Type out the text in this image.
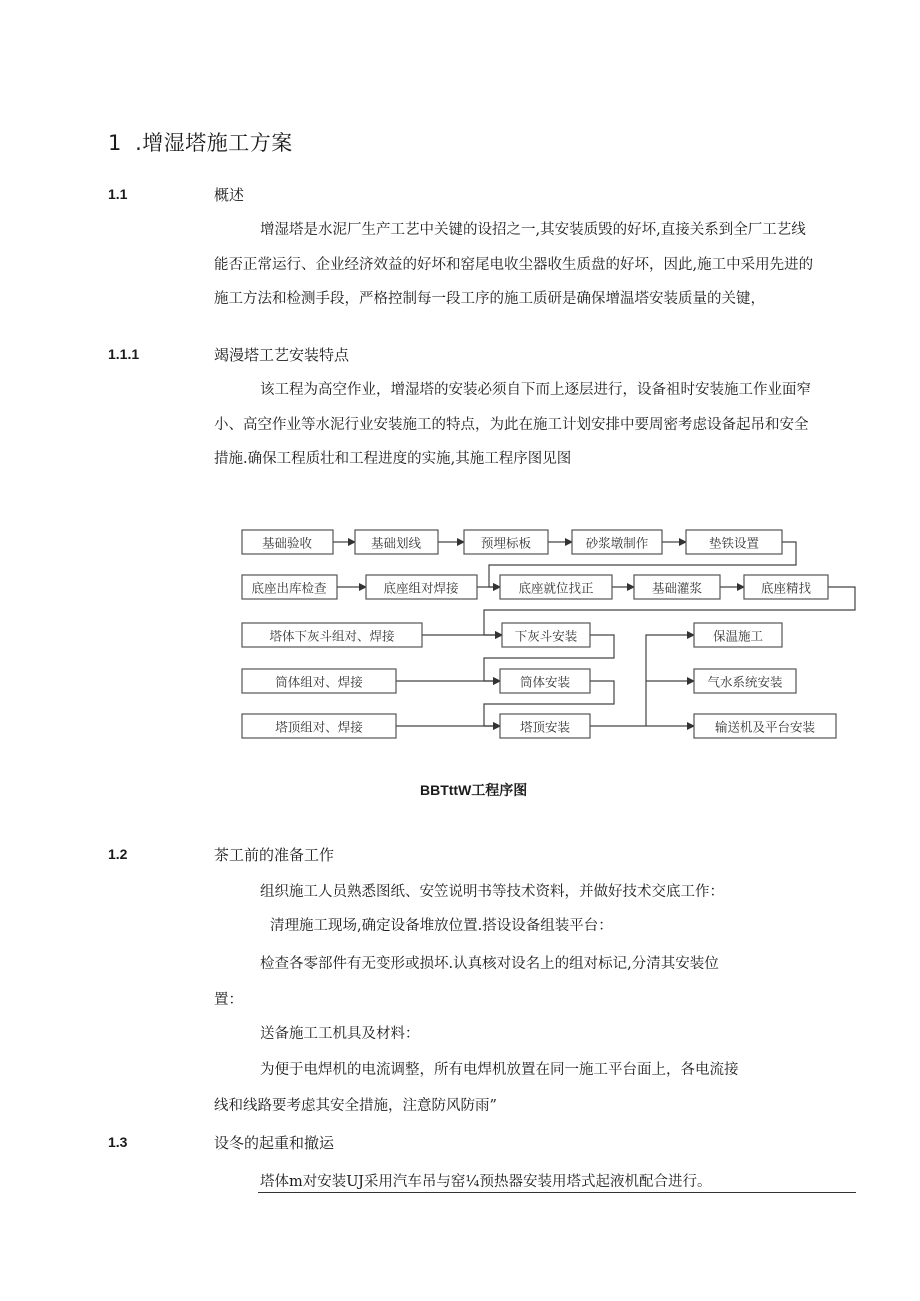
1 .增湿塔施工方案
1.1	概述

增湿塔是水泥厂生产工艺中关键的设招之一,其安装质毁的好坏,直接关系到全厂工艺线

能否正常运行、企业经济效益的好坏和窑尾电收尘器收生质盘的好坏，因此,施工中采用先进的

施工方法和检测手段，严格控制每一段工序的施工质研是确保增温塔安装质量的关键，

1.1.1	竭漫塔工艺安装特点

该工程为高空作业，增湿塔的安装必须自下而上逐层进行，设备祖时安装施工作业面窄

小、高空作业等水泥行业安装施工的特点，为此在施工计划安排中要周密考虑设备起吊和安全

措施.确保工程质壮和工程进度的实施,其施工程序图见图

基础验收	基础划线	预埋标板	砂浆墩制作	垫铁设置
底座出库检查	底座组对焊接	底座就位找正	基础灌浆	底座精找
塔体下灰斗组对、焊接
筒体组对、焊接
塔顶组对、焊接
下灰斗安装
筒体安装
塔顶安装
保温施工
气水系统安装
输送机及平台安装
BBTttW工程序图
1.2	茶工前的准备工作

组织施工人员熟悉图纸、安笠说明书等技术资料，并做好技术交底工作：

清理施工现场,确定设备堆放位置.搭设设备组装平台：

检查各零部件有无变形或损坏.认真核对设名上的组对标记,分清其安装位

置：

送备施工工机具及材料：

为便于电焊机的电流调整，所有电焊机放置在同一施工平台面上，各电流接

线和线路要考虑其安全措施，注意防风防雨”

1.3	设冬的起重和撤运

塔体m对安装UJ采用汽车吊与窑¼预热器安装用塔式起液机配合进行。
